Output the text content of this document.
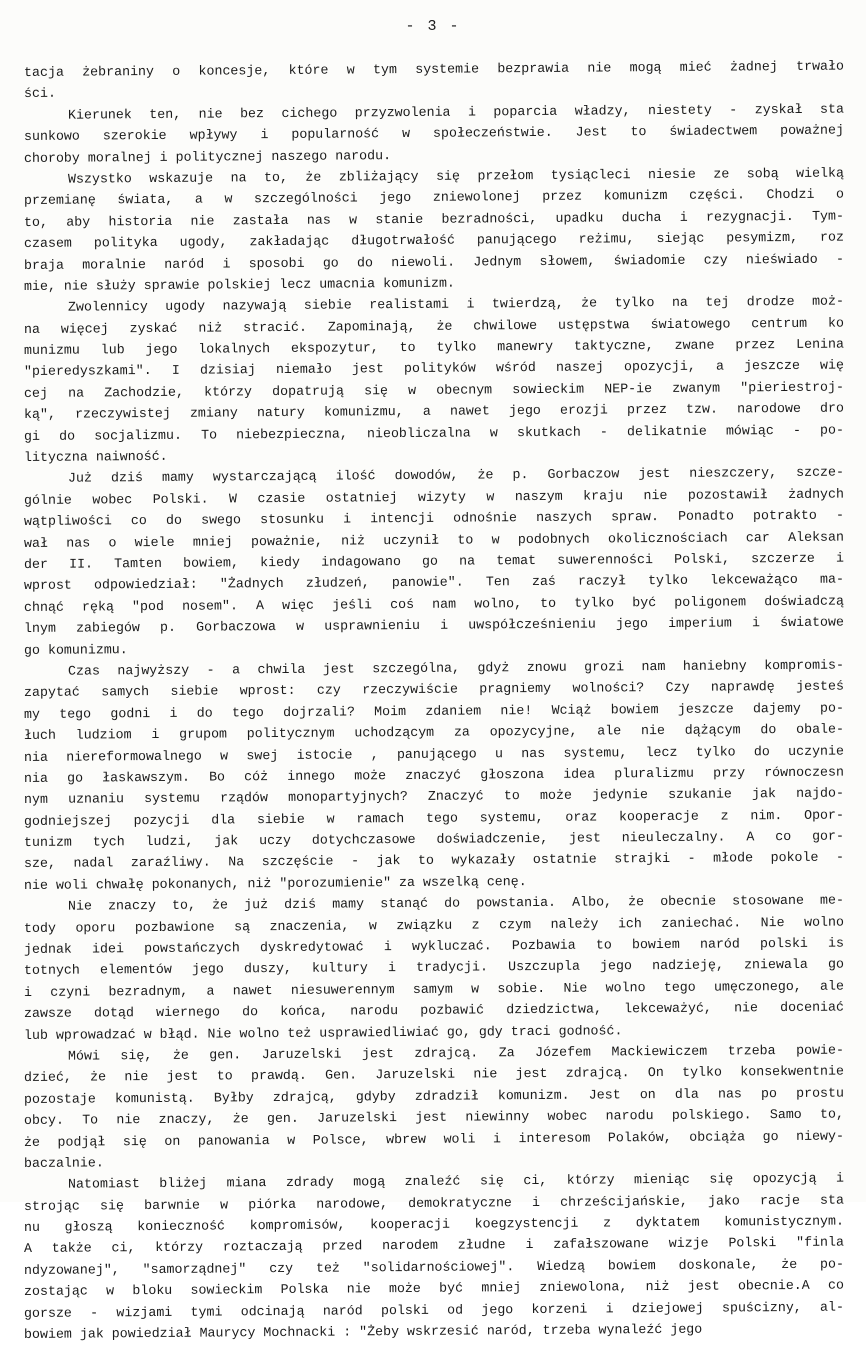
- 3 -
tacja żebraniny o koncesje, które w tym systemie bezprawia nie mogą mieć żadnej trwało
ści.
Kierunek ten, nie bez cichego przyzwolenia i poparcia władzy, niestety - zyskał sta
sunkowo szerokie wpływy i popularność w społeczeństwie. Jest to świadectwem poważnej
choroby moralnej i politycznej naszego narodu.
Wszystko wskazuje na to, że zbliżający się przełom tysiącleci niesie ze sobą wielką
przemianę świata, a w szczególności jego zniewolonej przez komunizm części. Chodzi o
to, aby historia nie zastała nas w stanie bezradności, upadku ducha i rezygnacji. Tym-
czasem polityka ugody, zakładając długotrwałość panującego reżimu, siejąc pesymizm, roz
braja moralnie naród i sposobi go do niewoli. Jednym słowem, świadomie czy nieświado -
mie, nie służy sprawie polskiej lecz umacnia komunizm.
Zwolennicy ugody nazywają siebie realistami i twierdzą, że tylko na tej drodze moż-
na więcej zyskać niż stracić. Zapominają, że chwilowe ustępstwa światowego centrum ko
munizmu lub jego lokalnych ekspozytur, to tylko manewry taktyczne, zwane przez Lenina
"pieredyszkami". I dzisiaj niemało jest polityków wśród naszej opozycji, a jeszcze wię
cej na Zachodzie, którzy dopatrują się w obecnym sowieckim NEP-ie zwanym "pieriestroj-
ką", rzeczywistej zmiany natury komunizmu, a nawet jego erozji przez tzw. narodowe dro
gi do socjalizmu. To niebezpieczna, nieobliczalna w skutkach - delikatnie mówiąc - po-
lityczna naiwność.
Już dziś mamy wystarczającą ilość dowodów, że p. Gorbaczow jest nieszczery, szcze-
gólnie wobec Polski. W czasie ostatniej wizyty w naszym kraju nie pozostawił żadnych
wątpliwości co do swego stosunku i intencji odnośnie naszych spraw. Ponadto potrakto -
wał nas o wiele mniej poważnie, niż uczynił to w podobnych okolicznościach car Aleksan
der II. Tamten bowiem, kiedy indagowano go na temat suwerenności Polski, szczerze i
wprost odpowiedział: "Żadnych złudzeń, panowie". Ten zaś raczył tylko lekceważąco ma-
chnąć ręką "pod nosem". A więc jeśli coś nam wolno, to tylko być poligonem doświadczą
lnym zabiegów p. Gorbaczowa w usprawnieniu i uwspółcześnieniu jego imperium i światowe
go komunizmu.
Czas najwyższy - a chwila jest szczególna, gdyż znowu grozi nam haniebny kompromis-
zapytać samych siebie wprost: czy rzeczywiście pragniemy wolności? Czy naprawdę jesteś
my tego godni i do tego dojrzali? Moim zdaniem nie! Wciąż bowiem jeszcze dajemy po-
łuch ludziom i grupom politycznym uchodzącym za opozycyjne, ale nie dążącym do obale-
nia niereformowalnego w swej istocie , panującego u nas systemu, lecz tylko do uczynie
nia go łaskawszym. Bo cóż innego może znaczyć głoszona idea pluralizmu przy równoczesn
nym uznaniu systemu rządów monopartyjnych? Znaczyć to może jedynie szukanie jak najdo-
godniejszej pozycji dla siebie w ramach tego systemu, oraz kooperacje z nim. Opor-
tunizm tych ludzi, jak uczy dotychczasowe doświadczenie, jest nieuleczalny. A co gor-
sze, nadal zaraźliwy. Na szczęście - jak to wykazały ostatnie strajki - młode pokole -
nie woli chwałę pokonanych, niż "porozumienie" za wszelką cenę.
Nie znaczy to, że już dziś mamy stanąć do powstania. Albo, że obecnie stosowane me-
tody oporu pozbawione są znaczenia, w związku z czym należy ich zaniechać. Nie wolno
jednak idei powstańczych dyskredytować i wykluczać. Pozbawia to bowiem naród polski is
totnych elementów jego duszy, kultury i tradycji. Uszczupla jego nadzieję, zniewala go
i czyni bezradnym, a nawet niesuwerennym samym w sobie. Nie wolno tego umęczonego, ale
zawsze dotąd wiernego do końca, narodu pozbawić dziedzictwa, lekceważyć, nie doceniać
lub wprowadzać w błąd. Nie wolno też usprawiedliwiać go, gdy traci godność.
Mówi się, że gen. Jaruzelski jest zdrajcą. Za Józefem Mackiewiczem trzeba powie-
dzieć, że nie jest to prawdą. Gen. Jaruzelski nie jest zdrajcą. On tylko konsekwentnie
pozostaje komunistą. Byłby zdrajcą, gdyby zdradził komunizm. Jest on dla nas po prostu
obcy. To nie znaczy, że gen. Jaruzelski jest niewinny wobec narodu polskiego. Samo to,
że podjął się on panowania w Polsce, wbrew woli i interesom Polaków, obciąża go niewy-
baczalnie.
Natomiast bliżej miana zdrady mogą znaleźć się ci, którzy mieniąc się opozycją i
strojąc się barwnie w piórka narodowe, demokratyczne i chrześcijańskie, jako racje sta
nu głoszą konieczność kompromisów, kooperacji koegzystencji z dyktatem komunistycznym.
A także ci, którzy roztaczają przed narodem złudne i zafałszowane wizje Polski "finla
ndyzowanej", "samorządnej" czy też "solidarnościowej". Wiedzą bowiem doskonale, że po-
zostając w bloku sowieckim Polska nie może być mniej zniewolona, niż jest obecnie.A co
gorsze - wizjami tymi odcinają naród polski od jego korzeni i dziejowej spuścizny, al-
bowiem jak powiedział Maurycy Mochnacki : "Żeby wskrzesić naród, trzeba wynaleźć jego
